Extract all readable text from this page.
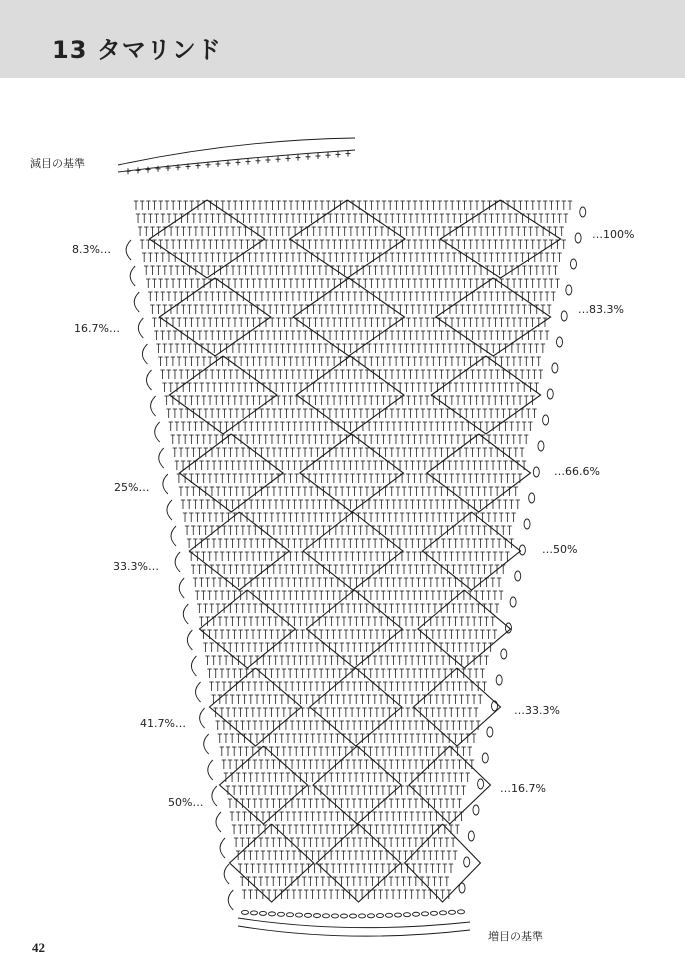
13 タマリンド
減目の基準
増目の基準
8.3%…
16.7%…
25%…
33.3%…
41.7%…
50%…
…100%
…83.3%
…66.6%
…50%
…33.3%
…16.7%
42
